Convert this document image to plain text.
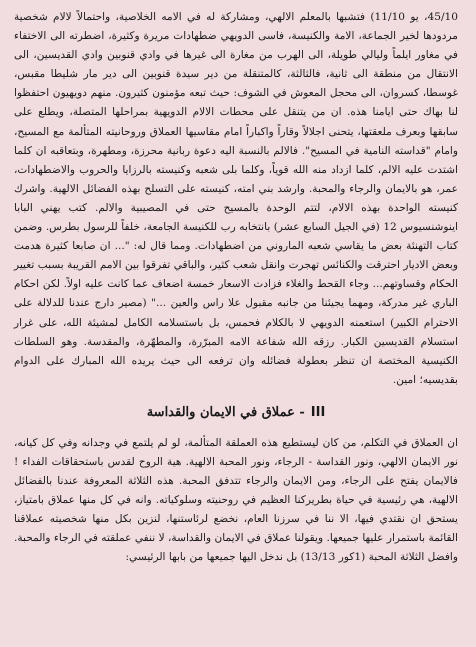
45/10، يو 11/10) فتشبها بالمعلم الالهي، ومشاركة له في الامه الخلاصية، واحتمالاً لالام شخصية مردودها لخير الجماعة، الامة والكنيسة، فاسى الدويهي ضطهادات مريرة وكثيرة، اضطرته الى الاختفاء في مغاور ايلماً وليالي طويلة، الى الهرب من مغارة الى غيرها في وادي قنوبين وادي القديسين، الى الانتقال من منطقة الى ثانية، فالثالثة، كالمتنقلة من دير سيدة قنوبين الى دير مار شليطا مقبس، غوسطا، كسروان، الى محجل المعوش في الشوف: حيث تبعه مؤمنون كثيرون. منهم دويهيون احتفظوا لنا بهاك حتى ايامنا هذه. ان من يتنقل على محطات الالام الدويهية بمراحلها المتصلة، ويطلع على سابقها وبعرف ملعقتها، يتحنى اجلالاً وقاراً واكباراً امام مقاسيها العملاق وروحانيته المتألمة مع المسيح، وامام "قداسته النامية في المسيح". فالالم بالنسبة اليه دعوة ربانية محرزة، ومطهرة، وبتعاقبه ان كلما اشتدت عليه الالم، كلما ازداد منه الله قوياً، وكلما بلى شعبه وكنيسته بالرزايا والحروب والاضطهادات، عمر، هو بالايمان والرجاء والمحبة. وارشد بني امته، كنيسته على التسلح بهذه الفضائل الالهية. واشرك كنيسته الواحدة بهذه الالام، لتتم الوحدة بالمسيح حتى في المصيبية والالم. كتب يهني البابا اينوشنسيوس 12 (في الجيل السابع عشر) بانتخابه رب للكنيسة الجامعة، خلفاً للرسول بطرس. وضمن كتاب التهنئة بعض ما يقاسي شعبه الماروني من اضطهادات. ومما قال له: "... ان صابعا كثيرة هدمت وبعض الاديار احترقت والكنائس تهجرت وانقل شعب كثير، والباقي تفرقوا بين الامم القريبة بسبب تغيير الحكام وقساوتهم... وجاء القحط والغلاء فزادت الاسعار خمسة اضعاف عما كانت عليه اولاً. لكن احكام الباري غير مدركة، ومهما يجيئنا من جانبه مقبول علا راس والعين ..." (مصير دارج عندنا للدلالة على الاحترام الكبير) استعمنه الدويهي لا بالكلام فحمس، بل باستسلامه الكامل لمشيئة الله، على غرار استسلام القديسين الكبار. رزقه الله شفاعة الامه المبرّرة، والمطهّرة، والمقدسة. وهو السلطات الكنيسية المختصة ان تنظر بعطولة فضائله وان ترفعه الى حيث يريده الله المبارك على الدوام بقديسيه؛ امين.

III- عملاق في الايمان والقداسة

ان العملاق في التكلم، من كان ليستطيع هذه العملقة المتألمة، لو لم يلتمع في وجدانه وفي كل كيانه، نور الايمان الالهي، ونور القداسة - الرجاء، ونور المحبة الالهية. هية الروح لقدس باستحقاقات الفداء ! فالايمان يفتح على الرجاء، ومن الايمان والرجاء تتدفق المحبة. هذه الثلاثة المعروفة عندنا بالفضائل الالهية، هي رئيسية في حياة بطريركنا العظيم في روحنيته وسلوكياته. وانه في كل منها عملاق بامتياز، يستحق ان نقتدي فيها، الا ننا في سرزنا العام، نخضع لرئاستنها، لنزين بكل منها شخصيته عملاقنا القائمة باستمرار عليها جميعها. ويقولنا عملاق في الايمان والقداسة، لا ننفي عملقته في الرجاء والمحبة. وافضل الثلاثة المحبة (1كور 13/13) بل ندخل اليها جميعها من بابها الرئيسي:
